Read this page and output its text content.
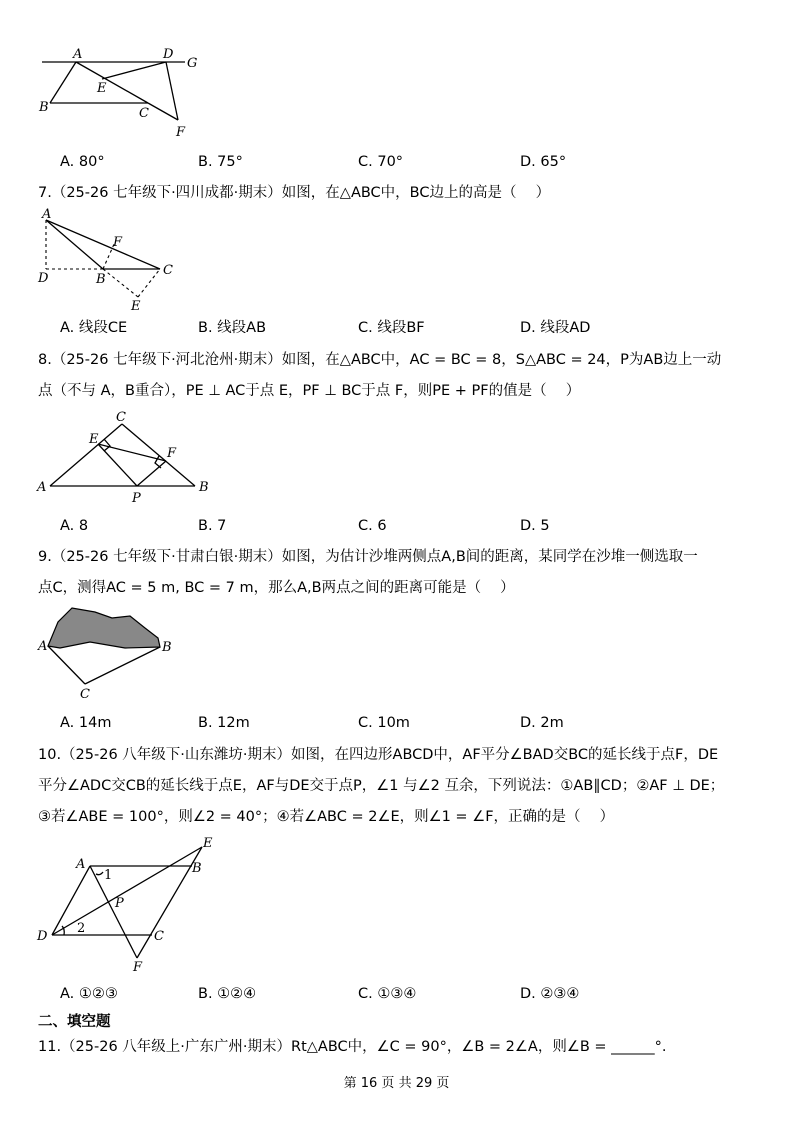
A	D
G
B
E
C
F
A. 80°	B. 75°	C. 70°	D. 65°
7.（25-26 七年级下·四川成都·期末）如图，在△ABC中，BC边上的高是（　 ）
A
F
D	B
C
E
A. 线段CE	B. 线段AB	C. 线段BF	D. 线段AD
8.（25-26 七年级下·河北沧州·期末）如图，在△ABC中，AC = BC = 8，S△ABC = 24，P为AB边上一动
点（不与 A，B重合），PE ⊥ AC于点 E，PF ⊥ BC于点 F，则PE + PF的值是（　 ）
C
E
F
A
P
B
A. 8	B. 7	C. 6	D. 5
9.（25-26 七年级下·甘肃白银·期末）如图，为估计沙堆两侧点A,B间的距离，某同学在沙堆一侧选取一
点C，测得AC = 5 m, BC = 7 m，那么A,B两点之间的距离可能是（　 ）
A	B
C
A. 14m	B. 12m	C. 10m	D. 2m
10.（25-26 八年级下·山东潍坊·期末）如图，在四边形ABCD中，AF平分∠BAD交BC的延长线于点F，DE
平分∠ADC交CB的延长线于点E，AF与DE交于点P，∠1 与∠2 互余，下列说法：①AB∥CD；②AF ⊥ DE；
③若∠ABE = 100°，则∠2 = 40°；④若∠ABC = 2∠E，则∠1 = ∠F，正确的是（　 ）
A	B
E
P
D	C
F
1
2
A. ①②③	B. ①②④	C. ①③④	D. ②③④
二、填空题
11.（25-26 八年级上·广东广州·期末）Rt△ABC中，∠C = 90°，∠B = 2∠A，则∠B = ______°.
第 16 页 共 29 页
